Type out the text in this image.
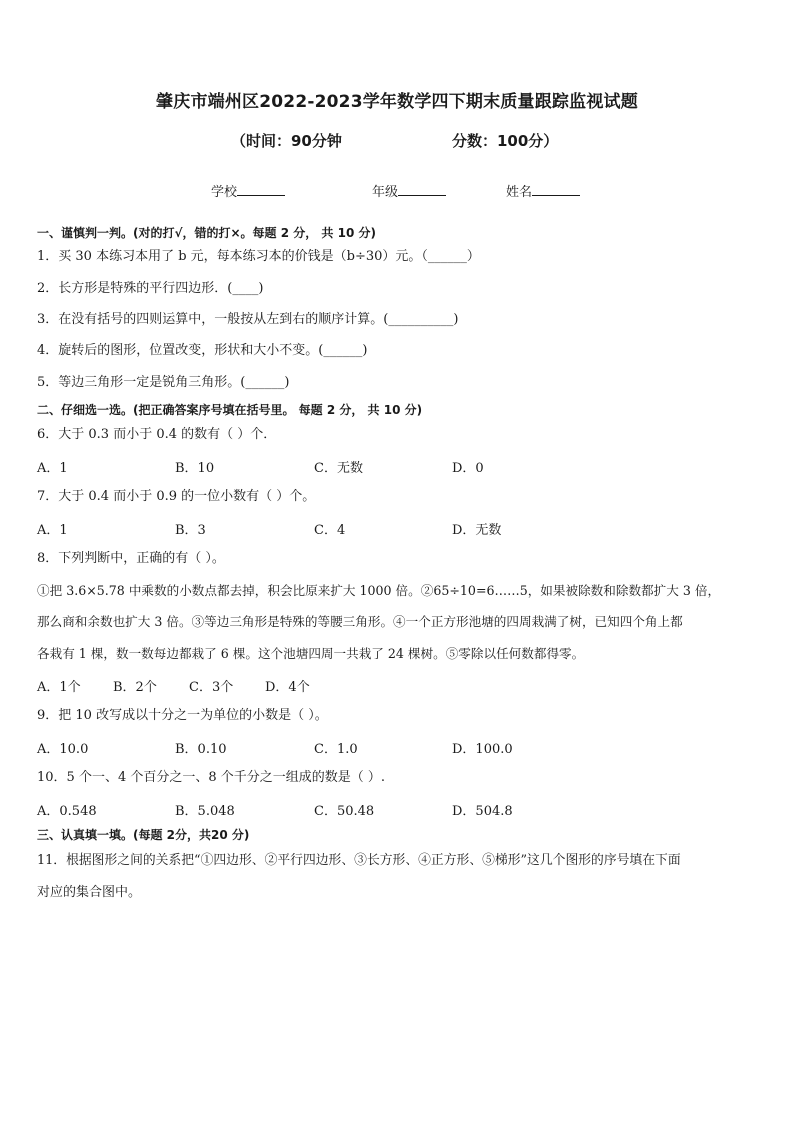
肇庆市端州区2022-2023学年数学四下期末质量跟踪监视试题
（时间：90分钟	分数：100分）
学校	年级	姓名
一、谨慎判一判。(对的打√，错的打×。每题 2 分， 共 10 分)
1．买 30 本练习本用了 b 元，每本练习本的价钱是（b÷30）元。（______）
2．长方形是特殊的平行四边形．(____)
3．在没有括号的四则运算中，一般按从左到右的顺序计算。(__________)
4．旋转后的图形，位置改变，形状和大小不变。(______)
5．等边三角形一定是锐角三角形。(______)
二、仔细选一选。(把正确答案序号填在括号里。 每题 2 分， 共 10 分)
6．大于 0.3 而小于 0.4 的数有（ ）个．
A．1	B．10	C．无数	D．0
7．大于 0.4 而小于 0.9 的一位小数有（ ）个。
A．1	B．3	C．4	D．无数
8．下列判断中，正确的有（ ）。
①把 3.6×5.78 中乘数的小数点都去掉，积会比原来扩大 1000 倍。②65÷10=6……5，如果被除数和除数都扩大 3 倍，
那么商和余数也扩大 3 倍。③等边三角形是特殊的等腰三角形。④一个正方形池塘的四周栽满了树，已知四个角上都
各栽有 1 棵，数一数每边都栽了 6 棵。这个池塘四周一共栽了 24 棵树。⑤零除以任何数都得零。
A．1个 B．2个 C．3个 D．4个
9．把 10 改写成以十分之一为单位的小数是（ ）。
A．10.0	B．0.10	C．1.0	D．100.0
10．5 个一、4 个百分之一、8 个千分之一组成的数是（ ）.
A．0.548	B．5.048	C．50.48	D．504.8
三、认真填一填。(每题 2分，共20 分)
11．根据图形之间的关系把“①四边形、②平行四边形、③长方形、④正方形、⑤梯形”这几个图形的序号填在下面
对应的集合图中。
